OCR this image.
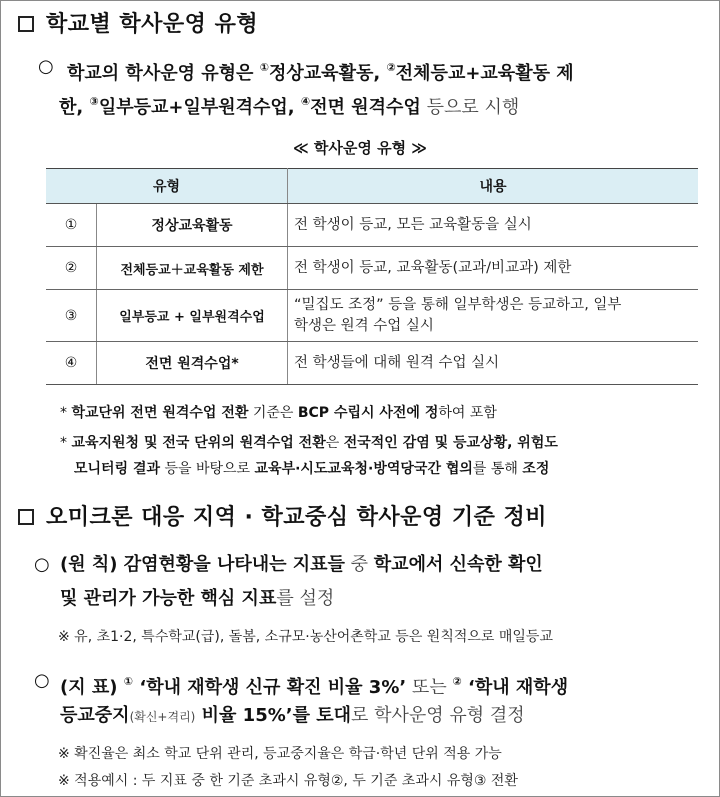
학교별 학사운영 유형
○ 학교의 학사운영 유형은 ①정상교육활동, ②전체등교+교육활동 제
한, ③일부등교+일부원격수업, ④전면 원격수업 등으로 시행
≪ 학사운영 유형 ≫
유형		내용
①	정상교육활동	전 학생이 등교, 모든 교육활동을 실시
②	전체등교＋교육활동 제한	전 학생이 등교, 교육활동(교과/비교과) 제한
③	일부등교 + 일부원격수업	“밀집도 조정” 등을 통해 일부학생은 등교하고, 일부
학생은 원격 수업 실시

④	전면 원격수업*	전 학생들에 대해 원격 수업 실시
* 학교단위 전면 원격수업 전환 기준은 BCP 수립시 사전에 정하여 포함
* 교육지원청 및 전국 단위의 원격수업 전환은 전국적인 감염 및 등교상황, 위험도
모니터링 결과 등을 바탕으로 교육부·시도교육청·방역당국간 협의를 통해 조정
오미크론 대응 지역 · 학교중심 학사운영 기준 정비
○ (원 칙) 감염현황을 나타내는 지표들 중 학교에서 신속한 확인
및 관리가 가능한 핵심 지표를 설정
※ 유, 초1·2, 특수학교(급), 돌봄, 소규모·농산어촌학교 등은 원칙적으로 매일등교
○ (지 표) ① ‘학내 재학생 신규 확진 비율 3%’ 또는 ② ‘학내 재학생
등교중지(확신+격리) 비율 15%’를 토대로 학사운영 유형 결정
※ 확진율은 최소 학교 단위 관리, 등교중지율은 학급·학년 단위 적용 가능
※ 적용예시 : 두 지표 중 한 기준 초과시 유형②, 두 기준 초과시 유형③ 전환
